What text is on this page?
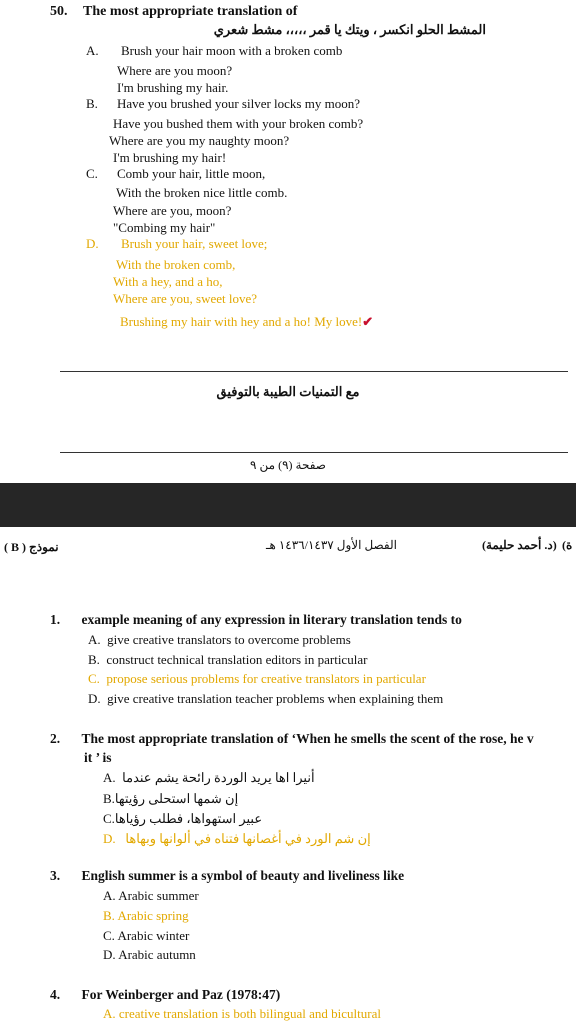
50. The most appropriate translation of
المشط الحلو انكسر ، ويتك يا قمر ،،،،، مشط شعري
A. Brush your hair moon with a broken comb
Where are you moon?
I'm brushing my hair.
B. Have you brushed your silver locks my moon?
Have you bushed them with your broken comb?
Where are you my naughty moon?
I'm brushing my hair!
C. Comb your hair, little moon,
With the broken nice little comb.
Where are you, moon?
"Combing my hair"
D. Brush your hair, sweet love;
With the broken comb,
With a hey, and a ho,
Where are you, sweet love?
Brushing my hair with hey and a ho! My love!✔
مع التمنيات الطيبة بالتوفيق
صفحة (٩) من ٩
نموذج ( B )	الفصل الأول ١٤٣٦/١٤٣٧ هـ	(د. أحمد حليمة) (ة
1. example meaning of any expression in literary translation tends to
A. give creative translators to overcome problems
B. construct technical translation editors in particular
C. propose serious problems for creative translators in particular
D. give creative translation teacher problems when explaining them
2. The most appropriate translation of ‘When he smells the scent of the rose, he v
it ’ is
A. أنيرا اها يريد الوردة رائحة يشم عندما
B.إن شمها استحلى رؤيتها
C.عبير استهواها، فطلب رؤياها
D. إن شم الورد في أغصانها فتناه في ألوانها وبهاها
3. English summer is a symbol of beauty and liveliness like
A. Arabic summer
B. Arabic spring
C. Arabic winter
D. Arabic autumn
4. For Weinberger and Paz (1978:47)
A. creative translation is both bilingual and bicultural
